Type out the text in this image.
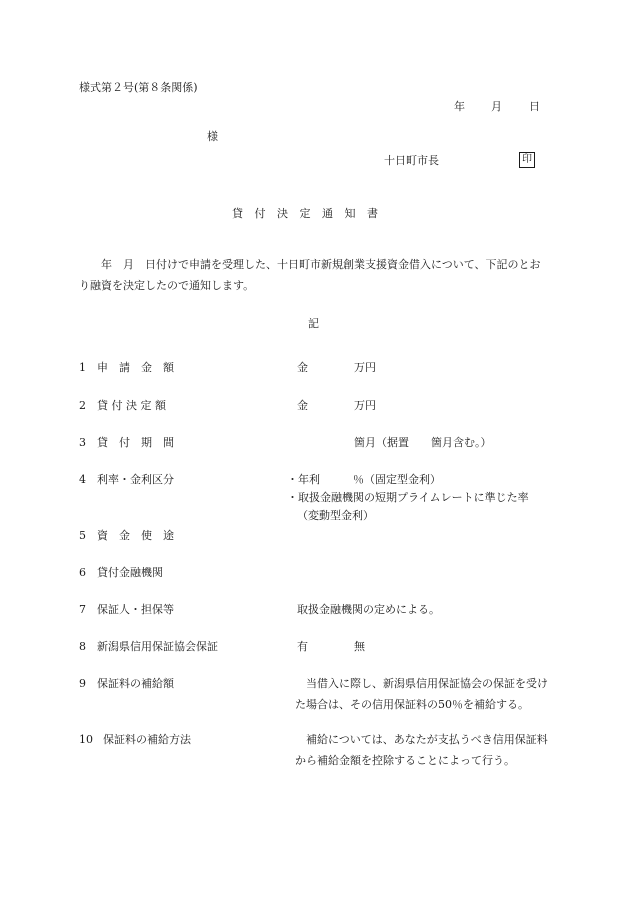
様式第２号(第８条関係)
年 月 日
様
十日町市長	印
貸 付 決 定 通 知 書
年　月　日付けで申請を受理した、十日町市新規創業支援資金借入について、下記のとおり融資を決定したので通知します。
記
1 申　請　金　額	金	万円
2 貸 付 決 定 額	金	万円
3 貸　付　期　間	箇月（据置　　箇月含む。）
4 利率・金利区分	・年利　　　％（固定型金利）
・取扱金融機関の短期プライムレートに準じた率
（変動型金利）
5 資　金　使　途
6 貸付金融機関
7 保証人・担保等	取扱金融機関の定めによる。
8 新潟県信用保証協会保証	有	無
9 保証料の補給額	当借入に際し、新潟県信用保証協会の保証を受けた場合は、その信用保証料の50％を補給する。
10 保証料の補給方法	補給については、あなたが支払うべき信用保証料から補給金額を控除することによって行う。
